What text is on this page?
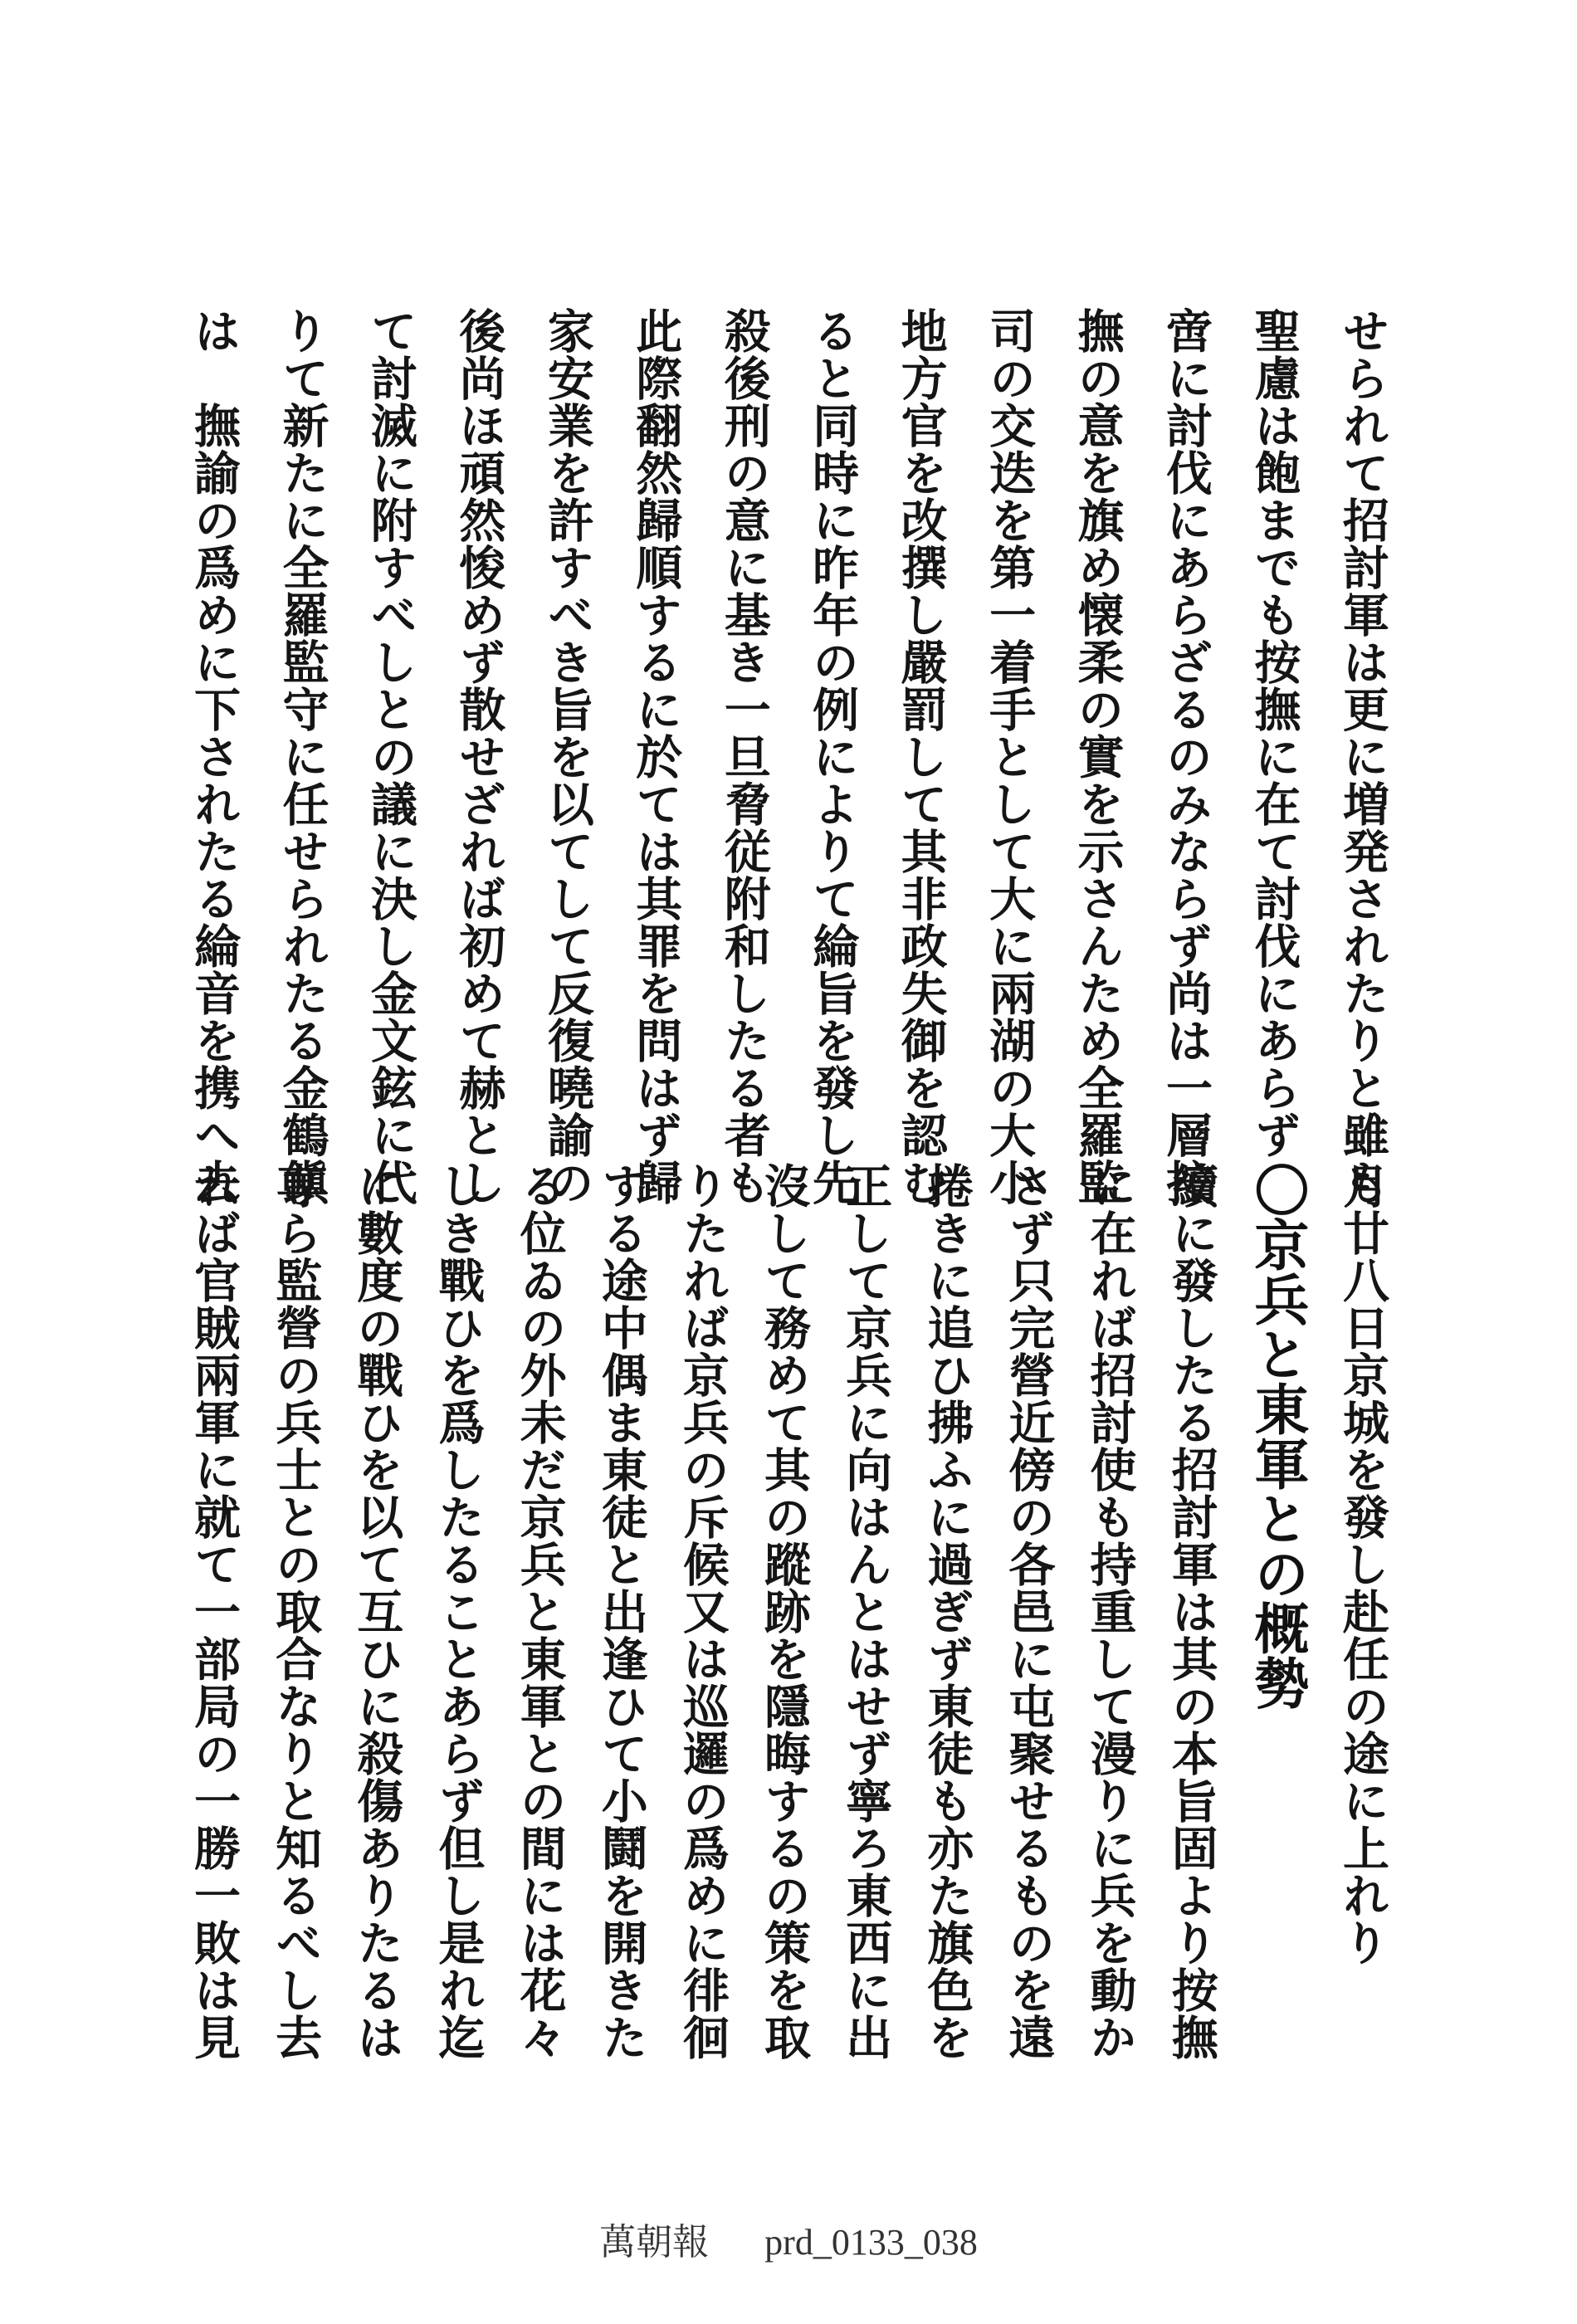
せられて招討軍は更に増発されたりと雖も
聖慮は飽までも按撫に在て討伐にあらず
啻に討伐にあらざるのみならず尚は一層按
撫の意を旗め懐柔の實を示さんため全羅監
司の交迭を第一着手として大に兩湖の大小
地方官を改撰し嚴罰して其非政失御を認む
ると同時に昨年の例によりて綸旨を發し先
殺後刑の意に基き一旦脅従附和したる者も
此際翻然歸順するに於ては其罪を問はず歸
家安業を許すべき旨を以てして反復曉諭の
後尚ほ頑然悛めず散せざれば初めて赫とし
て討滅に附すべしとの議に決し金文鉉に代
りて新たに全羅監守に任せられたる金鶴鎭
は　撫諭の爲めに下されたる綸音を携へ去
月廿八日京城を發し赴任の途に上れり
〇京兵と東軍との概勢
續に發したる招討軍は其の本旨固より按撫
に在れば招討使も持重して漫りに兵を動か
さず只完營近傍の各邑に屯聚せるものを遠
捲きに追ひ拂ふに過ぎず東徒も亦た旗色を
正して京兵に向はんとはせず寧ろ東西に出
沒して務めて其の蹤跡を隱晦するの策を取
りたれば京兵の斥候又は巡邏の爲めに徘徊
する途中偶ま東徒と出逢ひて小鬪を開きた
る位ゐの外未だ京兵と東軍との間には花々
しき戰ひを爲したることあらず但し是れ迄
に數度の戰ひを以て互ひに殺傷ありたるは
専ら監營の兵士との取合なりと知るべし去
れば官賊兩軍に就て一部局の一勝一敗は見
萬朝報 prd_0133_038
